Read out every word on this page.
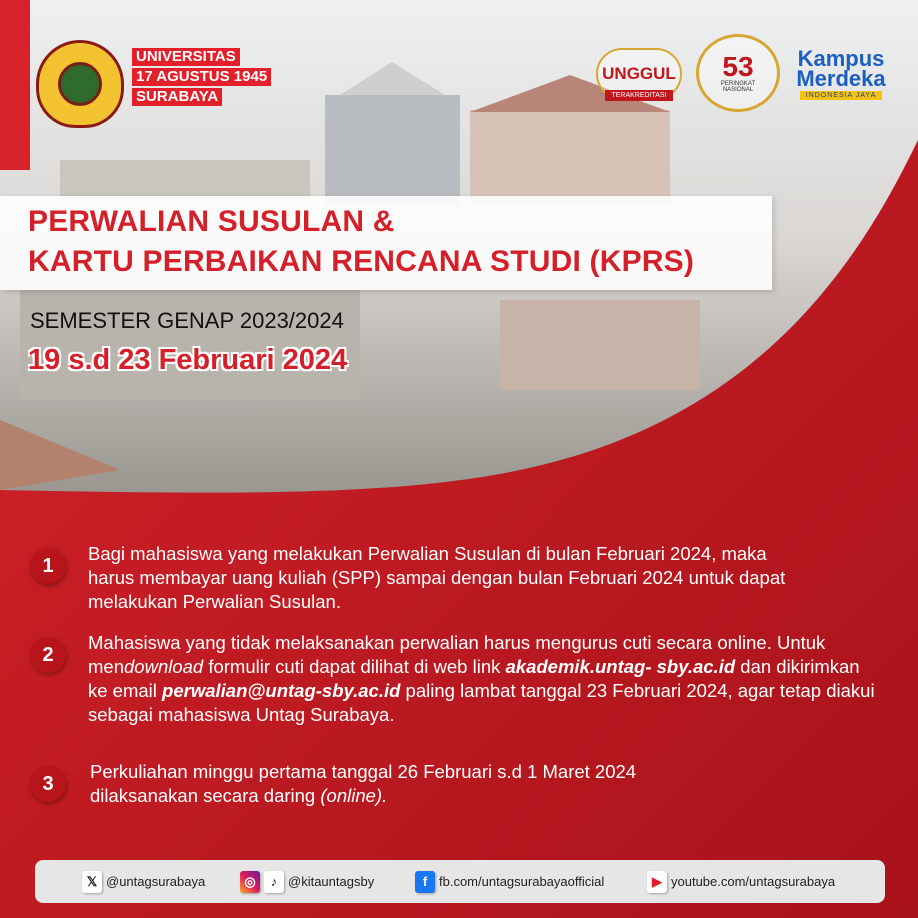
UNIVERSITAS
17 AGUSTUS 1945
SURABAYA
UNGGUL
TERAKREDITASI
53
PERINGKAT
NASIONAL
Kampus
Merdeka
INDONESIA JAYA
PERWALIAN SUSULAN &
KARTU PERBAIKAN RENCANA STUDI (KPRS)
SEMESTER GENAP 2023/2024
19 s.d 23 Februari 2024
1
Bagi mahasiswa yang melakukan Perwalian Susulan di bulan Februari 2024, maka harus membayar uang kuliah (SPP) sampai dengan bulan Februari 2024 untuk dapat melakukan Perwalian Susulan.
2
Mahasiswa yang tidak melaksanakan perwalian harus mengurus cuti secara online. Untuk mendownload formulir cuti dapat dilihat di web link akademik.untag- sby.ac.id dan dikirimkan ke email perwalian@untag-sby.ac.id paling lambat tanggal 23 Februari 2024, agar tetap diakui sebagai mahasiswa Untag Surabaya.
3
Perkuliahan minggu pertama tanggal 26 Februari s.d 1 Maret 2024 dilaksanakan secara daring (online).
𝕏 @untagsurabaya	◎	♪ @kitauntagsby	f fb.com/untagsurabayaofficial	▶ youtube.com/untagsurabaya
